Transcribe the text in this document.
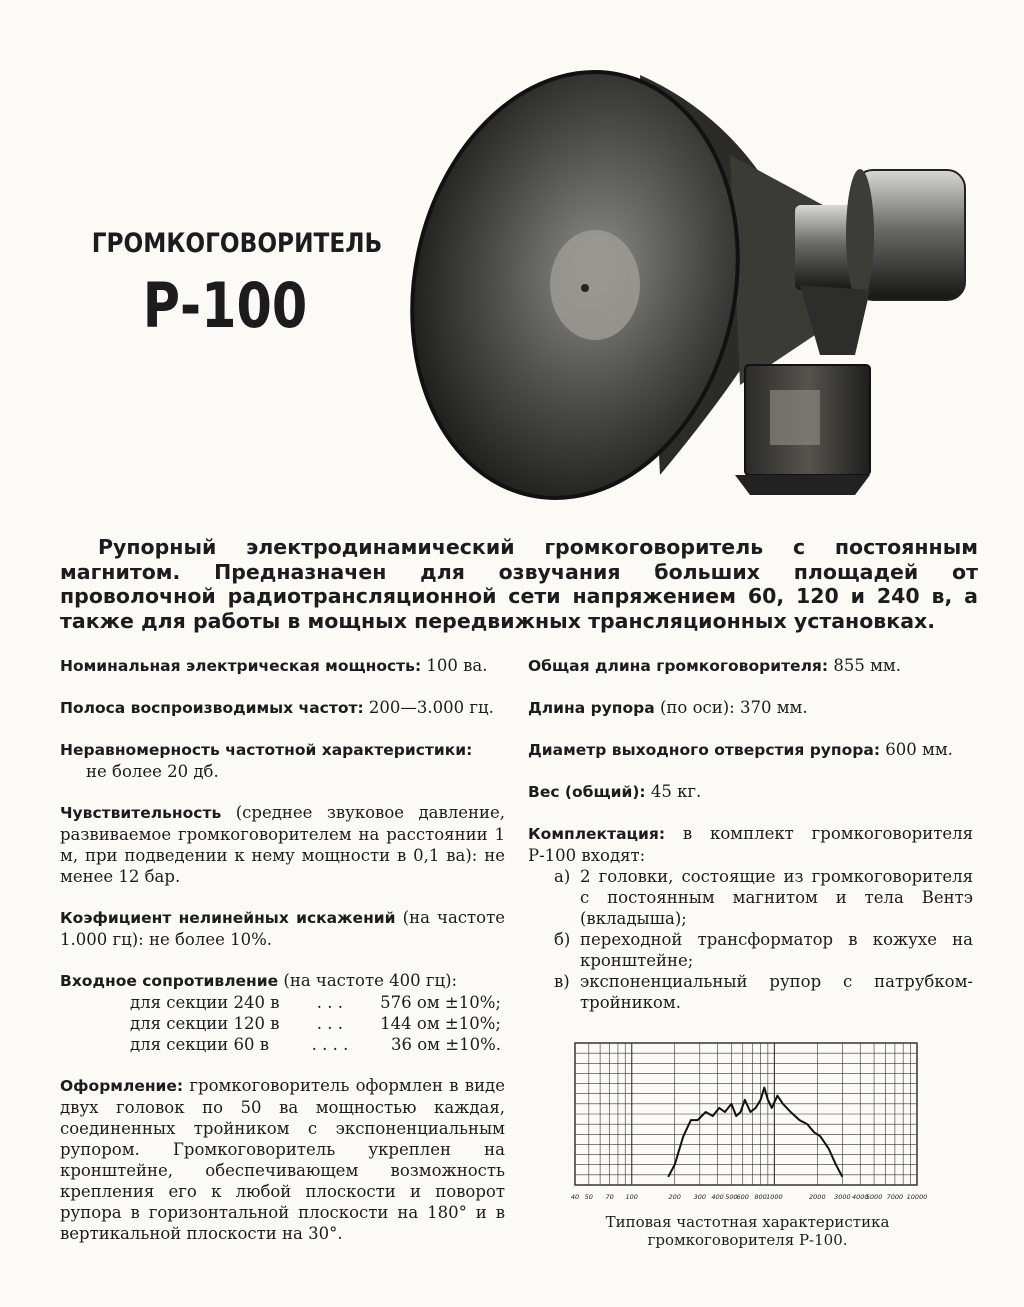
ГРОМКОГОВОРИТЕЛЬ
Р-100
Рупорный электродинамический громкоговоритель с постоянным магнитом. Предназначен для озвучания больших площадей от проволочной радиотрансляционной сети напряжением 60, 120 и 240 в, а также для работы в мощных передвижных трансляционных установках.

Номинальная электрическая мощность: 100 ва.

Полоса воспроизводимых частот: 200—3.000 гц.

Неравномерность частотной характеристики:
не более 20 дб.

Чувствительность (среднее звуковое давление, развиваемое громкоговорителем на расстоянии 1 м, при подведении к нему мощности в 0,1 ва): не менее 12 бар.

Коэфициент нелинейных искажений (на частоте 1.000 гц): не более 10%.

Входное сопротивление (на частоте 400 гц):
для секции 240 в . . . 576 ом ±10%;
для секции 120 в . . . 144 ом ±10%;
для секции 60 в	. . . .	36 ом ±10%.

Оформление: громкоговоритель оформлен в виде двух головок по 50 ва мощностью каждая, соединенных тройником с экспоненциальным рупором. Громкоговоритель укреплен на кронштейне, обеспечивающем возможность крепления его к любой плоскости и поворот рупора в горизонтальной плоскости на 180° и в вертикальной плоскости на 30°.

Общая длина громкоговорителя: 855 мм.

Длина рупора (по оси): 370 мм.

Диаметр выходного отверстия рупора: 600 мм.

Вес (общий): 45 кг.

Комплектация: в комплект громкоговорителя Р-100 входят:
а) 2 головки, состоящие из громкоговорителя с постоянным магнитом и тела Вентэ (вкладыша);
б) переходной трансформатор в кожухе на кронштейне;
в) экспоненциальный рупор с патрубком-тройником.
40 50 70 100	200 300 400 500
600 800 1000	2000 3000 4000
5000 7000 10000
Типовая частотная характеристика громкоговорителя Р-100.
